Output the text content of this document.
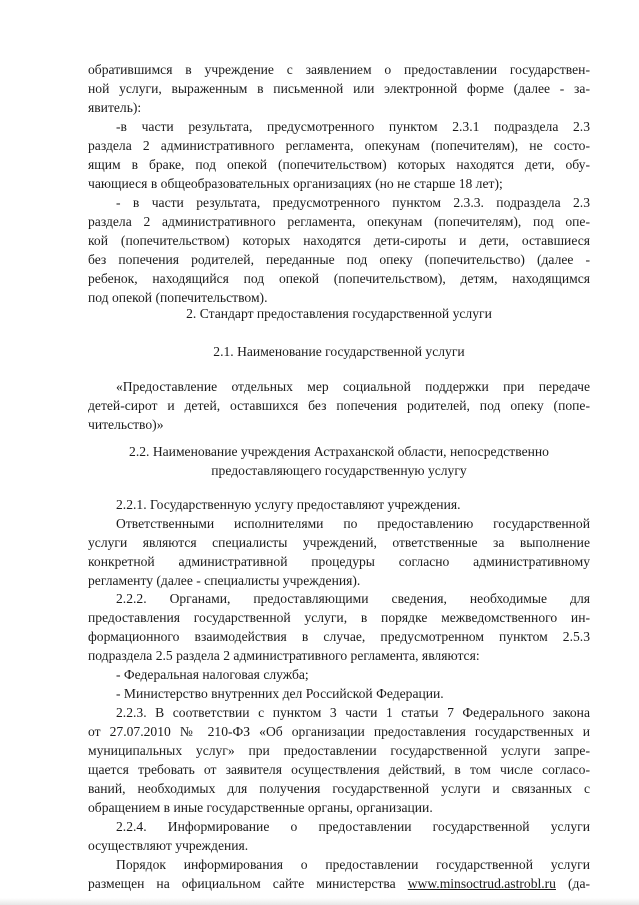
обратившимся в учреждение с заявлением о предоставлении государствен-
ной услуги, выраженным в письменной или электронной форме (далее - за-
явитель):
-в части результата, предусмотренного пунктом 2.3.1 подраздела 2.3
раздела 2 административного регламента, опекунам (попечителям), не состо-
ящим в браке, под опекой (попечительством) которых находятся дети, обу-
чающиеся в общеобразовательных организациях (но не старше 18 лет);
- в части результата, предусмотренного пунктом 2.3.3. подраздела 2.3
раздела 2 административного регламента, опекунам (попечителям), под опе-
кой (попечительством) которых находятся дети-сироты и дети, оставшиеся
без попечения родителей, переданные под опеку (попечительство) (далее -
ребенок, находящийся под опекой (попечительством), детям, находящимся
под опекой (попечительством).
2. Стандарт предоставления государственной услуги
2.1. Наименование государственной услуги
«Предоставление отдельных мер социальной поддержки при передаче
детей-сирот и детей, оставшихся без попечения родителей, под опеку (попе-
чительство)»
2.2. Наименование учреждения Астраханской области, непосредственно
предоставляющего государственную услугу
2.2.1. Государственную услугу предоставляют учреждения.
Ответственными исполнителями по предоставлению государственной
услуги являются специалисты учреждений, ответственные за выполнение
конкретной административной процедуры согласно административному
регламенту (далее - специалисты учреждения).
2.2.2. Органами, предоставляющими сведения, необходимые для
предоставления государственной услуги, в порядке межведомственного ин-
формационного взаимодействия в случае, предусмотренном пунктом 2.5.3
подраздела 2.5 раздела 2 административного регламента, являются:
- Федеральная налоговая служба;
- Министерство внутренних дел Российской Федерации.
2.2.3. В соответствии с пунктом 3 части 1 статьи 7 Федерального закона
от 27.07.2010 № 210-ФЗ «Об организации предоставления государственных и
муниципальных услуг» при предоставлении государственной услуги запре-
щается требовать от заявителя осуществления действий, в том числе согласо-
ваний, необходимых для получения государственной услуги и связанных с
обращением в иные государственные органы, организации.
2.2.4. Информирование о предоставлении государственной услуги
осуществляют учреждения.
Порядок информирования о предоставлении государственной услуги
размещен на официальном сайте министерства www.minsoctrud.astrobl.ru (да-
